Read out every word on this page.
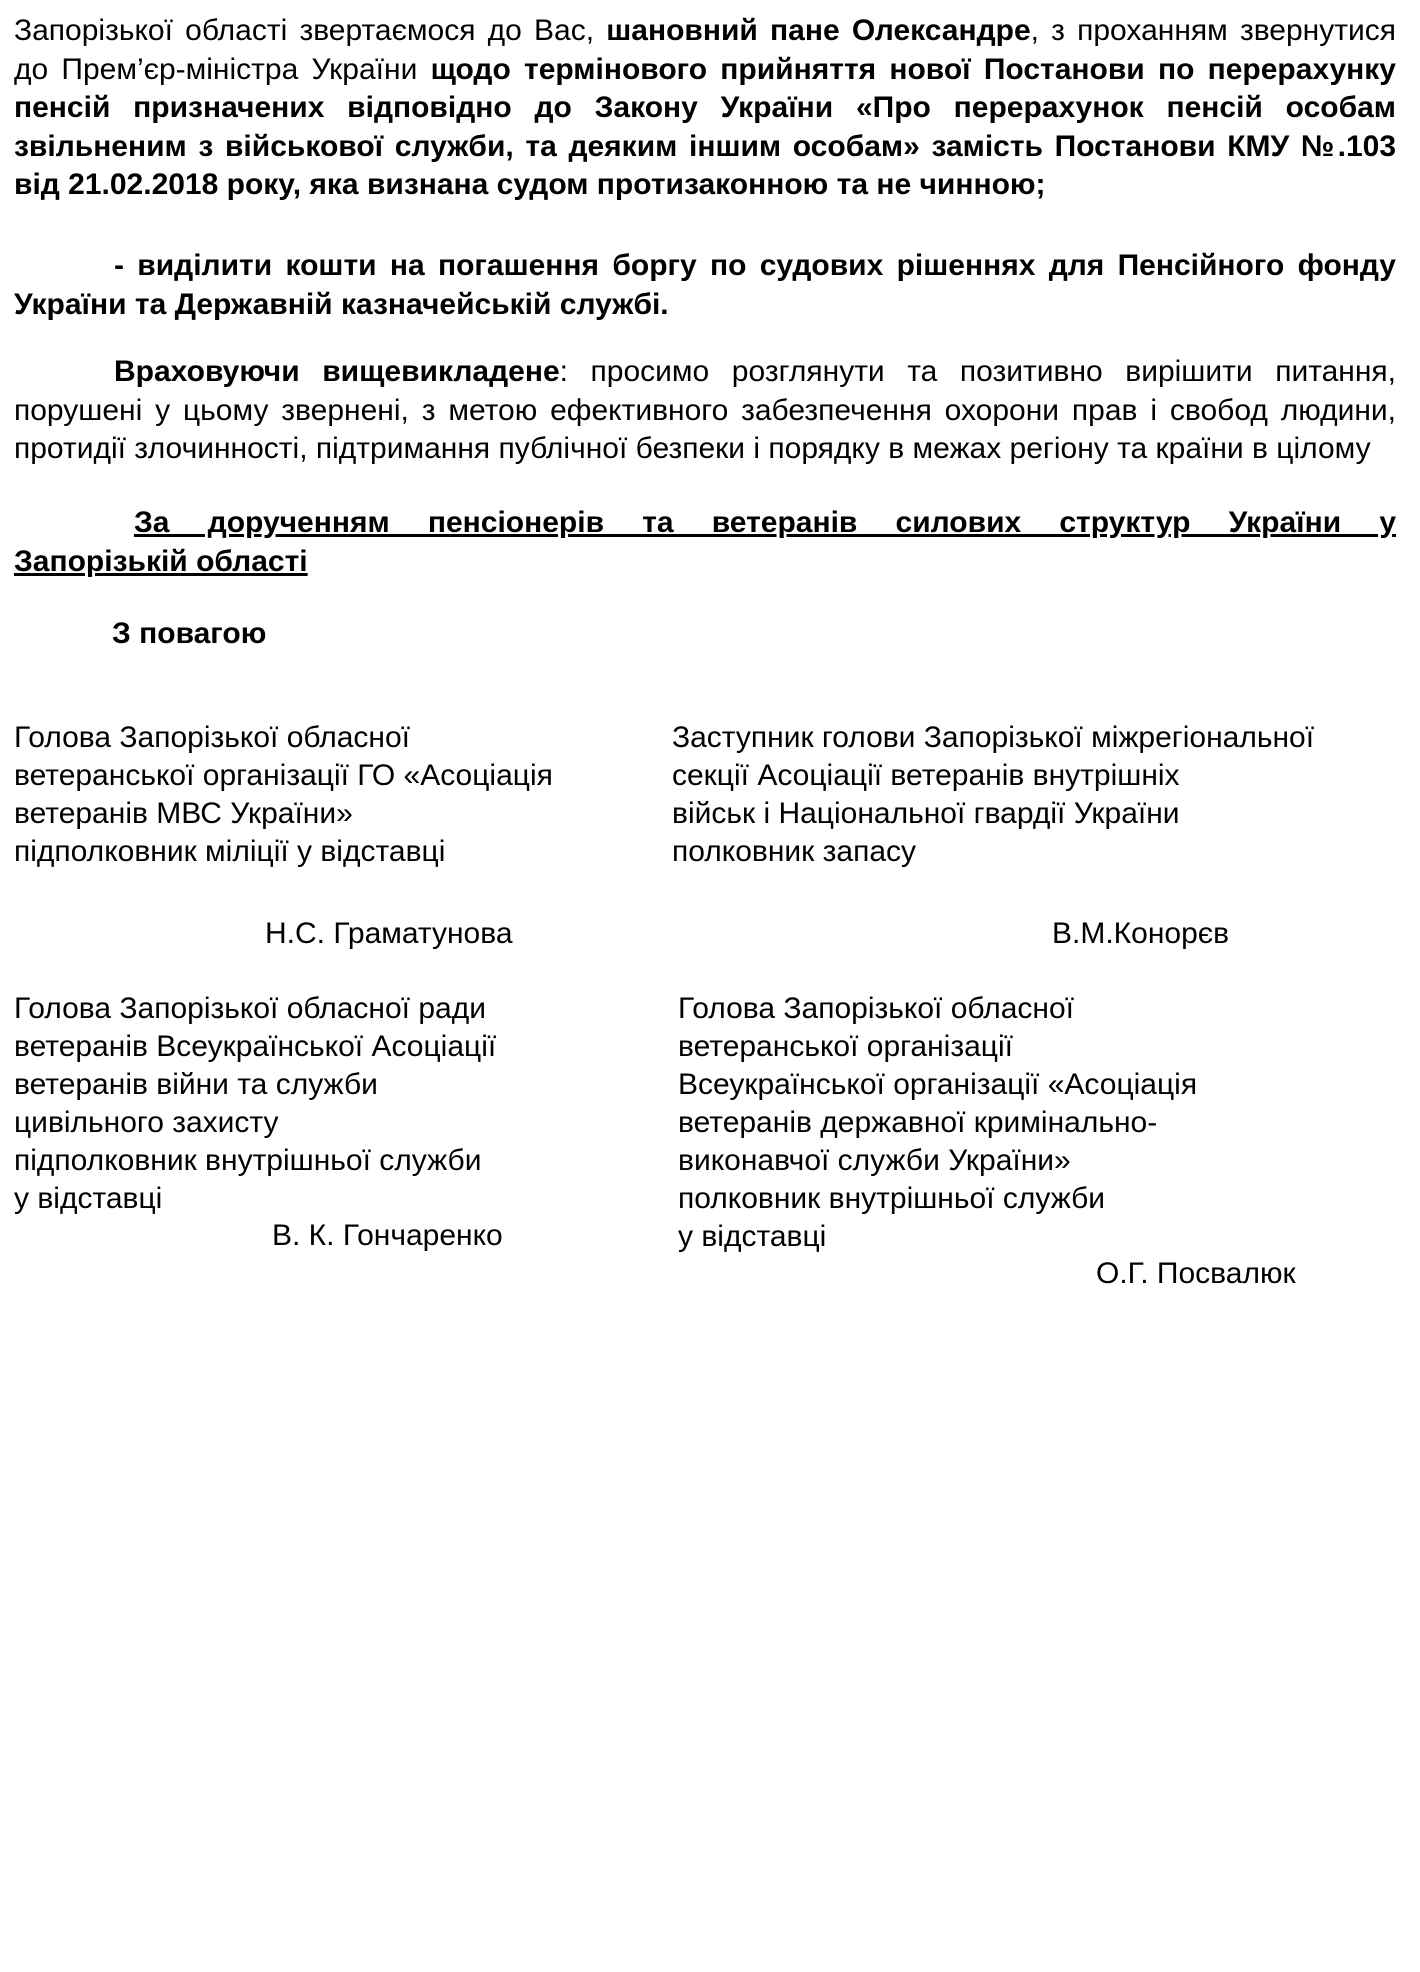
Запорізької області звертаємося до Вас, шановний пане Олександре, з проханням звернутися до Прем’єр-міністра України щодо термінового прийняття нової Постанови по перерахунку пенсій призначених відповідно до Закону України «Про перерахунок пенсій особам звільненим з військової служби, та деяким іншим особам» замість Постанови КМУ №.103 від 21.02.2018 року, яка визнана судом протизаконною та не чинною;
- виділити кошти на погашення боргу по судових рішеннях для Пенсійного фонду України та Державній казначейській службі.
Враховуючи вищевикладене: просимо розглянути та позитивно вирішити питання, порушені у цьому звернені, з метою ефективного забезпечення охорони прав і свобод людини, протидії злочинності, підтримання публічної безпеки і порядку в межах регіону та країни в цілому
За дорученням пенсіонерів та ветеранів силових структур України у
Запорізькій області
З повагою
Голова Запорізької обласної
ветеранської організації ГО «Асоціація
ветеранів МВС України»
підполковник міліції у відставці
Н.С. Граматунова
Заступник голови Запорізької міжрегіональної
секції Асоціації ветеранів внутрішніх
військ і Національної гвардії України
полковник запасу
В.М.Конорєв
Голова Запорізької обласної ради
ветеранів Всеукраїнської Асоціації
ветеранів війни та служби
цивільного захисту
підполковник внутрішньої служби
у відставці
В. К. Гончаренко
Голова Запорізької обласної
ветеранської організації
Всеукраїнської організації «Асоціація
ветеранів державної кримінально-
виконавчої служби України»
полковник внутрішньої служби
у відставці
О.Г. Посвалюк
